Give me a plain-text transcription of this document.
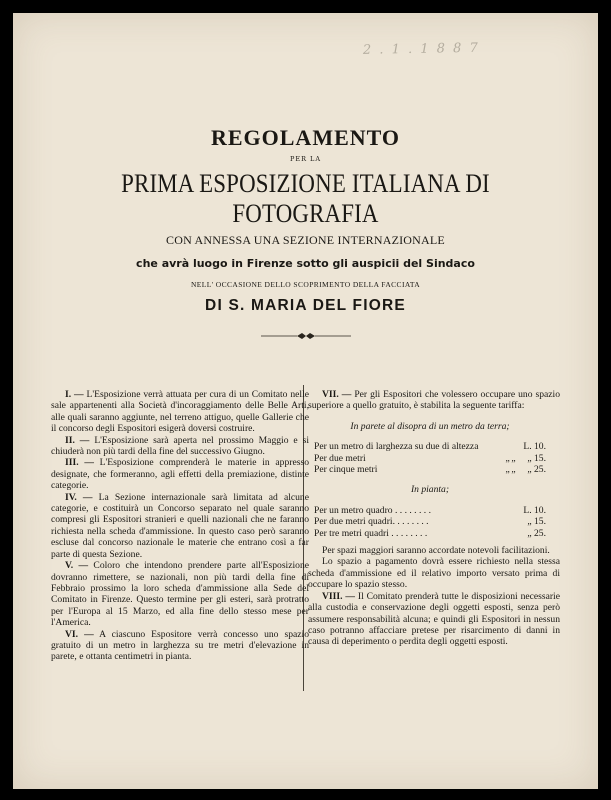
2 . 1 . 1 8 8 7
REGOLAMENTO
PER LA
PRIMA ESPOSIZIONE ITALIANA DI FOTOGRAFIA
CON ANNESSA UNA SEZIONE INTERNAZIONALE
che avrà luogo in Firenze sotto gli auspicii del Sindaco
NELL' OCCASIONE DELLO SCOPRIMENTO DELLA FACCIATA
DI S. MARIA DEL FIORE

I. — L'Esposizione verrà attuata per cura di un Comitato nelle sale appartenenti alla Società d'incoraggiamento delle Belle Arti, alle quali saranno aggiunte, nel terreno attiguo, quelle Gallerie che il concorso degli Espositori esigerà doversi costruire.

II. — L'Esposizione sarà aperta nel prossimo Maggio e si chiuderà non più tardi della fine del successivo Giugno.

III. — L'Esposizione comprenderà le materie in appresso designate, che formeranno, agli effetti della premiazione, distinte categorie.

IV. — La Sezione internazionale sarà limitata ad alcune categorie, e costituirà un Concorso separato nel quale saranno compresi gli Espositori stranieri e quelli nazionali che ne faranno richiesta nella scheda d'ammissione. In questo caso però saranno escluse dal concorso nazionale le materie che entrano così a far parte di questa Sezione.

V. — Coloro che intendono prendere parte all'Esposizione dovranno rimettere, se nazionali, non più tardi della fine di Febbraio prossimo la loro scheda d'ammissione alla Sede del Comitato in Firenze. Questo termine per gli esteri, sarà protratto per l'Europa al 15 Marzo, ed alla fine dello stesso mese per l'America.

VI. — A ciascuno Espositore verrà concesso uno spazio gratuito di un metro in larghezza su tre metri d'elevazione in parete, e ottanta centimetri in pianta.

VII. — Per gli Espositori che volessero occupare uno spazio superiore a quello gratuito, è stabilita la seguente tariffa:

In parete al disopra di un metro da terra;

Per un metro di larghezza su due di altezza			L. 10.
Per due metri	„	„	„ 15.
Per cinque metri	„	„	„ 25.

In pianta;

Per un metro quadro . . . . . . . .	L. 10.
Per due metri quadri. . . . . . . .	„ 15.
Per tre metri quadri . . . . . . . .	„ 25.

Per spazi maggiori saranno accordate notevoli facilitazioni.

Lo spazio a pagamento dovrà essere richiesto nella stessa scheda d'ammissione ed il relativo importo versato prima di occupare lo spazio stesso.

VIII. — Il Comitato prenderà tutte le disposizioni necessarie alla custodia e conservazione degli oggetti esposti, senza però assumere responsabilità alcuna; e quindi gli Espositori in nessun caso potranno affacciare pretese per risarcimento di danni in causa di deperimento o perdita degli oggetti esposti.
